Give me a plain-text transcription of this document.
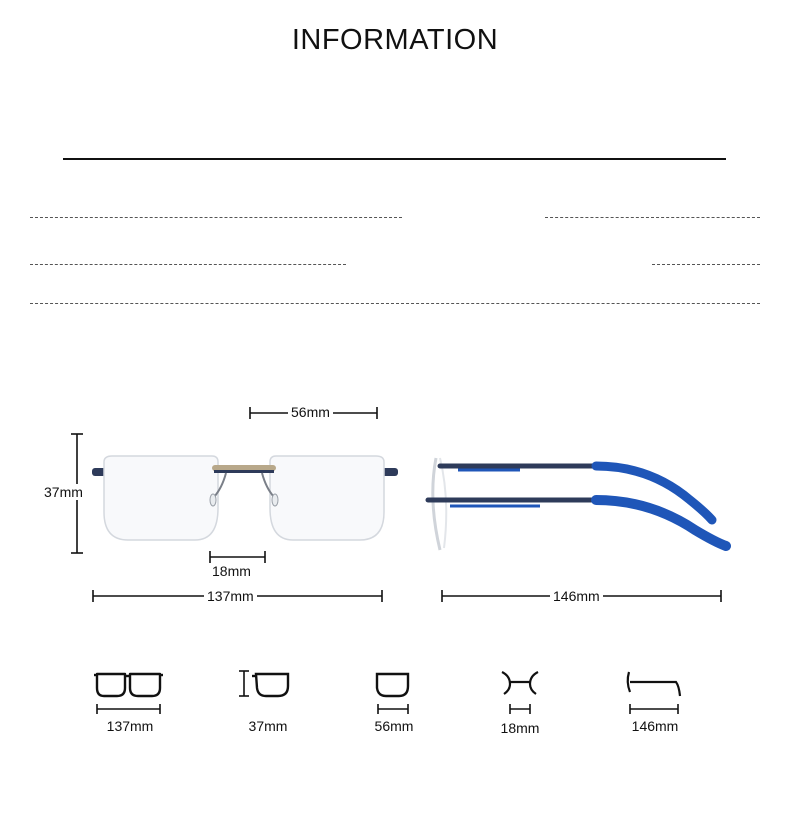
INFORMATION
56mm
37mm
18mm
137mm	146mm
137mm	37mm	56mm	18mm	146mm
